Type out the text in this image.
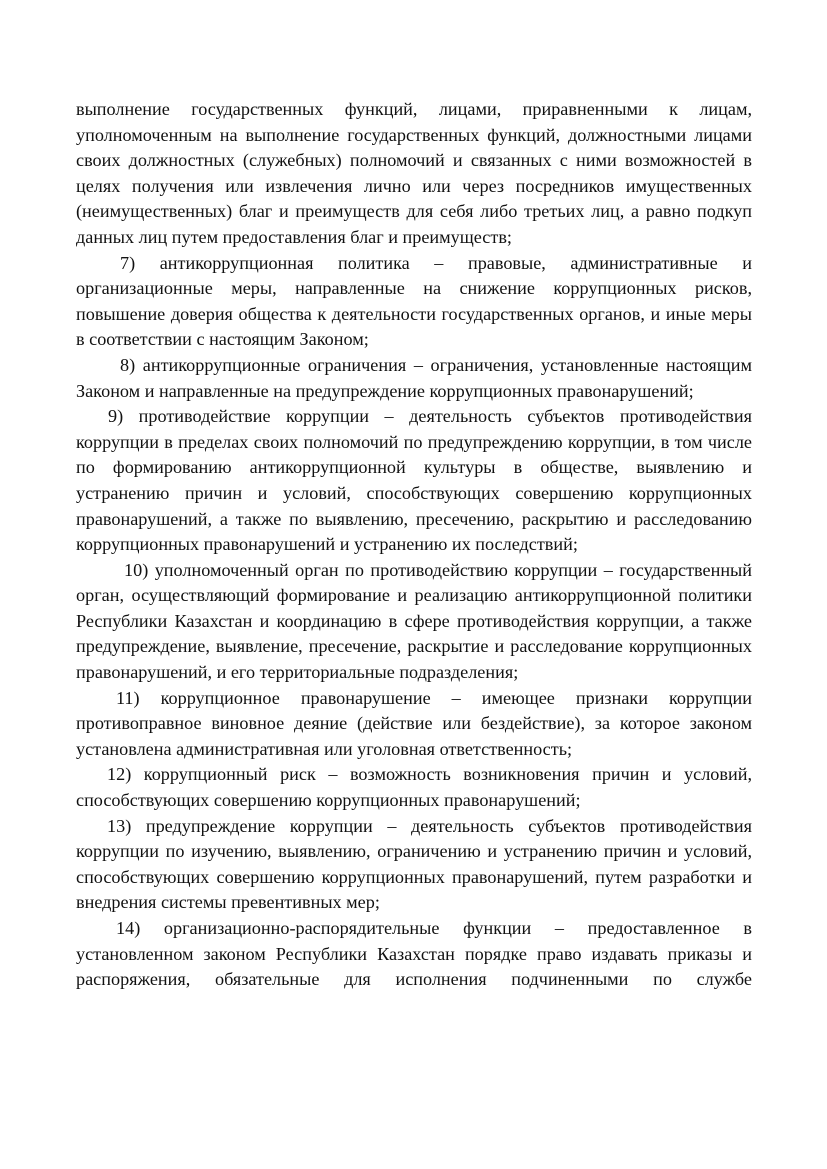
выполнение государственных функций, лицами, приравненными к лицам, уполномоченным на выполнение государственных функций, должностными лицами своих должностных (служебных) полномочий и связанных с ними возможностей в целях получения или извлечения лично или через посредников имущественных (неимущественных) благ и преимуществ для себя либо третьих лиц, а равно подкуп данных лиц путем предоставления благ и преимуществ;

7) антикоррупционная политика – правовые, административные и организационные меры, направленные на снижение коррупционных рисков, повышение доверия общества к деятельности государственных органов, и иные меры в соответствии с настоящим Законом;

8) антикоррупционные ограничения – ограничения, установленные настоящим Законом и направленные на предупреждение коррупционных правонарушений;

9) противодействие коррупции – деятельность субъектов противодействия коррупции в пределах своих полномочий по предупреждению коррупции, в том числе по формированию антикоррупционной культуры в обществе, выявлению и устранению причин и условий, способствующих совершению коррупционных правонарушений, а также по выявлению, пресечению, раскрытию и расследованию коррупционных правонарушений и устранению их последствий;

10) уполномоченный орган по противодействию коррупции – государственный орган, осуществляющий формирование и реализацию антикоррупционной политики Республики Казахстан и координацию в сфере противодействия коррупции, а также предупреждение, выявление, пресечение, раскрытие и расследование коррупционных правонарушений, и его территориальные подразделения;

11) коррупционное правонарушение – имеющее признаки коррупции противоправное виновное деяние (действие или бездействие), за которое законом установлена административная или уголовная ответственность;

12) коррупционный риск – возможность возникновения причин и условий, способствующих совершению коррупционных правонарушений;

13) предупреждение коррупции – деятельность субъектов противодействия коррупции по изучению, выявлению, ограничению и устранению причин и условий, способствующих совершению коррупционных правонарушений, путем разработки и внедрения системы превентивных мер;

14) организационно-распорядительные функции – предоставленное в установленном законом Республики Казахстан порядке право издавать приказы и распоряжения, обязательные для исполнения подчиненными по службе
